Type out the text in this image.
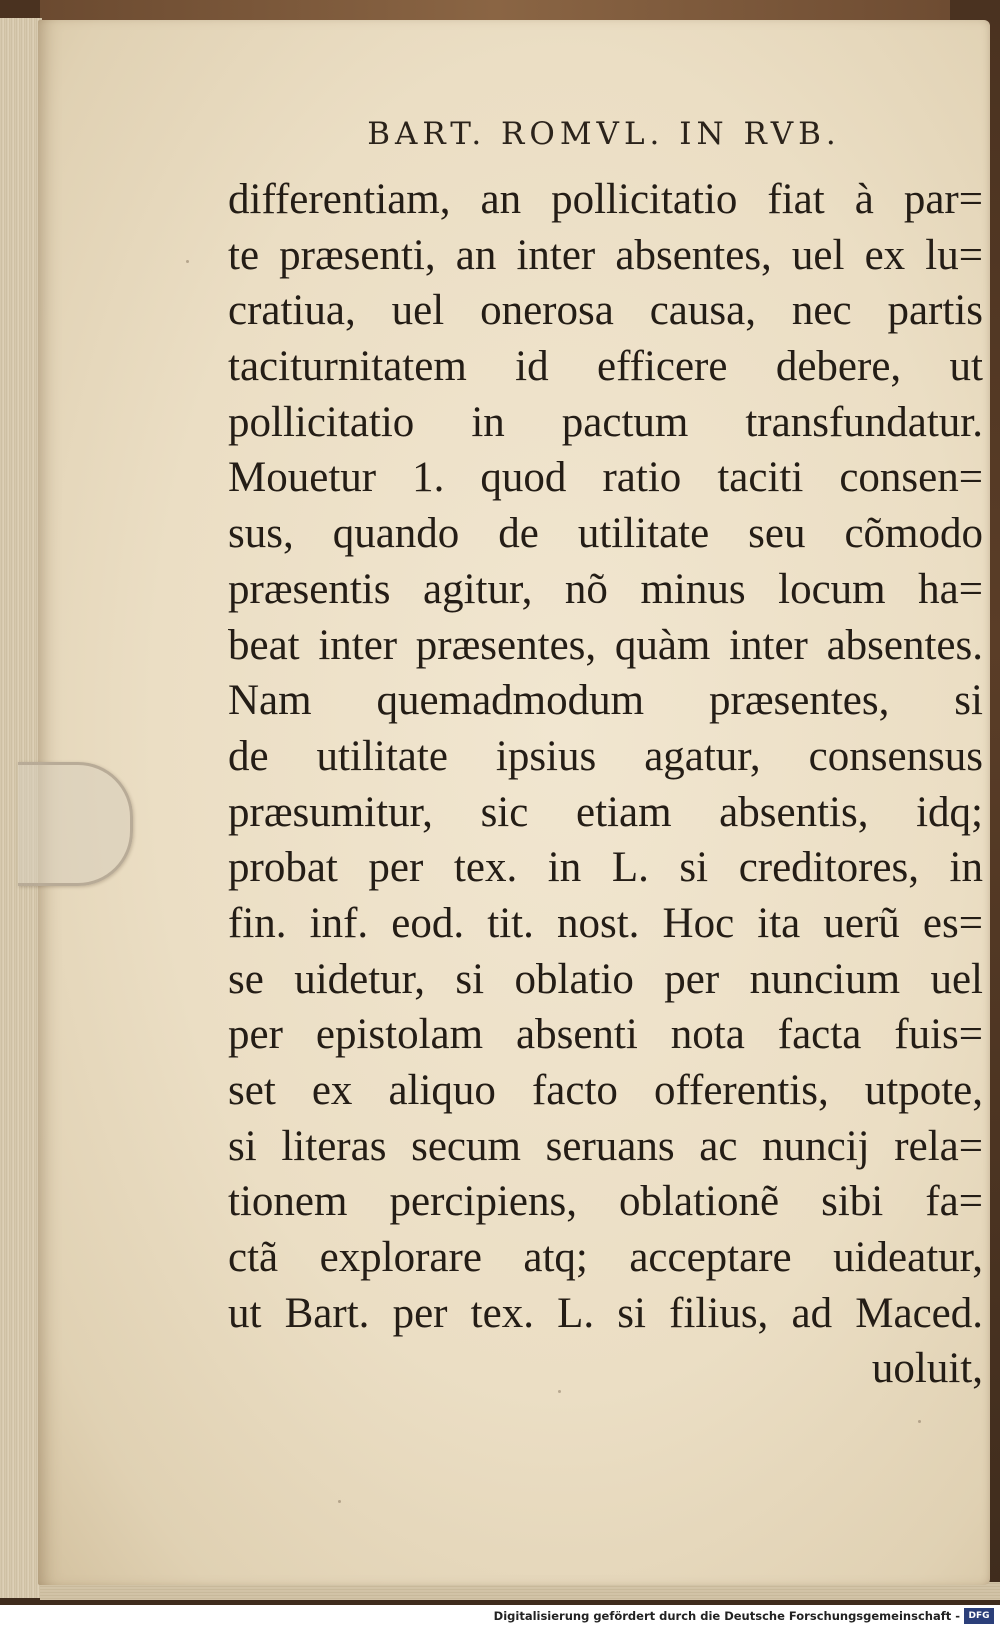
BART. ROMVL. IN RVB.
differentiam, an pollicitatio fiat à par=
te præsenti, an inter absentes, uel ex lu=
cratiua, uel onerosa causa, nec partis
taciturnitatem id efficere debere, ut
pollicitatio in pactum transfundatur.
Mouetur 1. quod ratio taciti consen=
sus, quando de utilitate seu cõmodo
præsentis agitur, nõ minus locum ha=
beat inter præsentes, quàm inter absentes.
Nam quemadmodum præsentes, si
de utilitate ipsius agatur, consensus
præsumitur, sic etiam absentis, idq;
probat per tex. in L. si creditores, in
fin. inf. eod. tit. nost. Hoc ita uerũ es=
se uidetur, si oblatio per nuncium uel
per epistolam absenti nota facta fuis=
set ex aliquo facto offerentis, utpote,
si literas secum seruans ac nuncij rela=
tionem percipiens, oblationẽ sibi fa=
ctã explorare atq; acceptare uideatur,
ut Bart. per tex. L. si filius, ad Maced.
uoluit,
Digitalisierung gefördert durch die Deutsche Forschungsgemeinschaft - DFG
